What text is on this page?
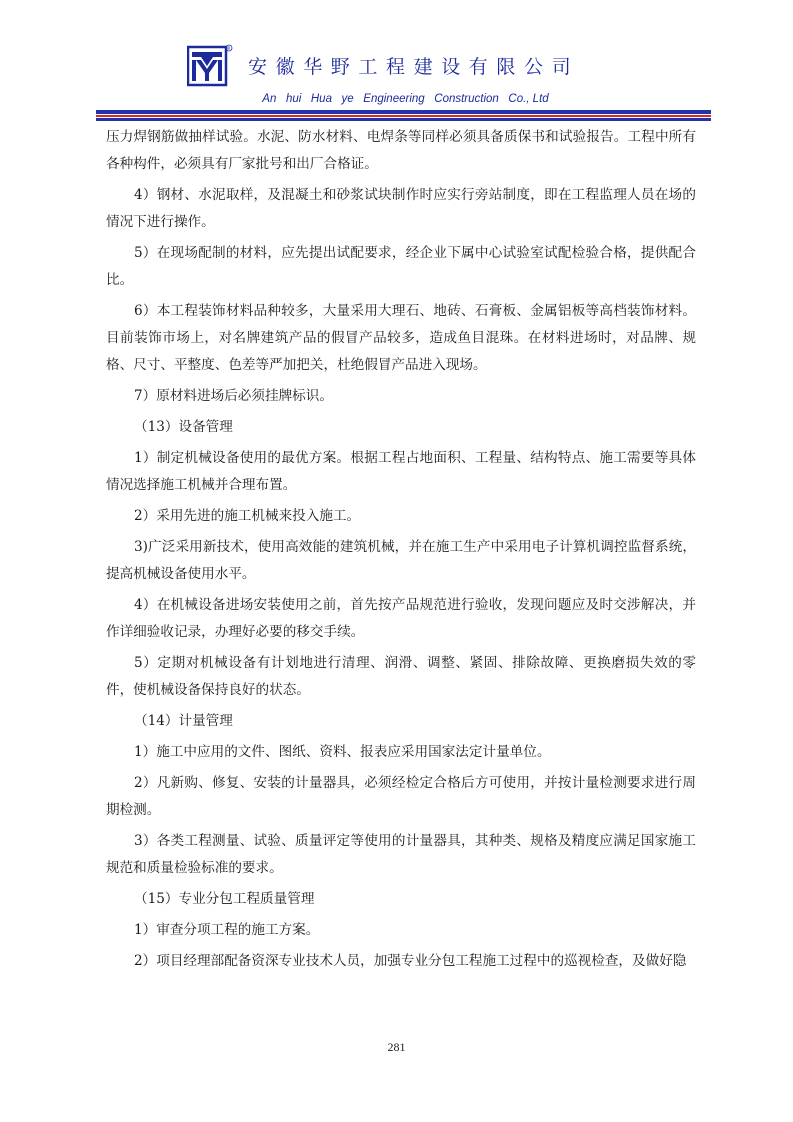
R
安徽华野工程建设有限公司
An   hui   Hua   ye   Engineering   Construction   Co., Ltd

压力焊钢筋做抽样试验。水泥、防水材料、电焊条等同样必须具备质保书和试验报告。工程中所有各种构件，必须具有厂家批号和出厂合格证。

4）钢材、水泥取样，及混凝土和砂浆试块制作时应实行旁站制度，即在工程监理人员在场的情况下进行操作。

5）在现场配制的材料，应先提出试配要求，经企业下属中心试验室试配检验合格，提供配合比。

6）本工程装饰材料品种较多，大量采用大理石、地砖、石膏板、金属铝板等高档装饰材料。目前装饰市场上，对名牌建筑产品的假冒产品较多，造成鱼目混珠。在材料进场时，对品牌、规格、尺寸、平整度、色差等严加把关，杜绝假冒产品进入现场。

7）原材料进场后必须挂牌标识。

（13）设备管理

1）制定机械设备使用的最优方案。根据工程占地面积、工程量、结构特点、施工需要等具体情况选择施工机械并合理布置。

2）采用先进的施工机械来投入施工。

3)广泛采用新技术，使用高效能的建筑机械，并在施工生产中采用电子计算机调控监督系统，提高机械设备使用水平。

4）在机械设备进场安装使用之前，首先按产品规范进行验收，发现问题应及时交涉解决，并作详细验收记录，办理好必要的移交手续。

5）定期对机械设备有计划地进行清理、润滑、调整、紧固、排除故障、更换磨损失效的零件，使机械设备保持良好的状态。

（14）计量管理

1）施工中应用的文件、图纸、资料、报表应采用国家法定计量单位。

2）凡新购、修复、安装的计量器具，必须经检定合格后方可使用，并按计量检测要求进行周期检测。

3）各类工程测量、试验、质量评定等使用的计量器具，其种类、规格及精度应满足国家施工规范和质量检验标准的要求。

（15）专业分包工程质量管理

1）审查分项工程的施工方案。

2）项目经理部配备资深专业技术人员，加强专业分包工程施工过程中的巡视检查，及做好隐

281
